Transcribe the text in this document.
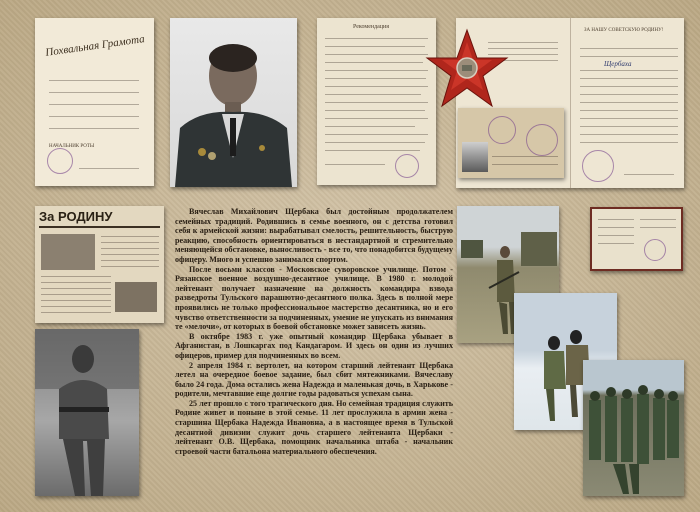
Похвальная Грамота
НАЧАЛЬНИК РОТЫ
Рекомендация
ЗА НАШУ СОВЕТСКУЮ РОДИНУ!
Щербаха
За РОДИНУ	Вячеслав Михайлович Щербака был достойным продолжателем семейных традиций. Родившись в семье военного, он с детства готовил себя к армейской жизни: вырабатывал смелость, решительность, быструю реакцию, способность ориентироваться в нестандартной и стремительно меняющейся обстановке, выносливость - все то, что понадобится будущему офицеру. Много и успешно занимался спортом.

После восьми классов - Московское суворовское училище. Потом - Рязанское военное воздушно-десантное училище. В 1980 г. молодой лейтенант получает назначение на должность командира взвода разведроты Тульского парашютно-десантного полка. Здесь в полной мере проявились не только профессиональное мастерство десантника, но и его чувство ответственности за подчиненных, умение не упускать из внимания те «мелочи», от которых в боевой обстановке может зависеть жизнь.

В октябре 1983 г. уже опытный командир Щербака убывает в Афганистан, в Лошкаргах под Кандагаром. И здесь он один из лучших офицеров, пример для подчиненных во всем.

2 апреля 1984 г. вертолет, на котором старший лейтенант Щербака летел на очередное боевое задание, был сбит мятежниками. Вячеславу было 24 года. Дома остались жена Надежда и маленькая дочь, в Харькове - родители, мечтавшие еще долгие годы радоваться успехам сына.

25 лет прошло с того трагического дня. Но семейная традиция служить Родине живет и поныне в этой семье. 11 лет прослужила в армии жена - старшина Щербака Надежда Ивановна, а в настоящее время в Тульской десантной дивизии служит дочь старшего лейтенанта Щербаки - лейтенант О.В. Щербака, помощник начальника штаба - начальник строевой части батальона материального обеспечения.
